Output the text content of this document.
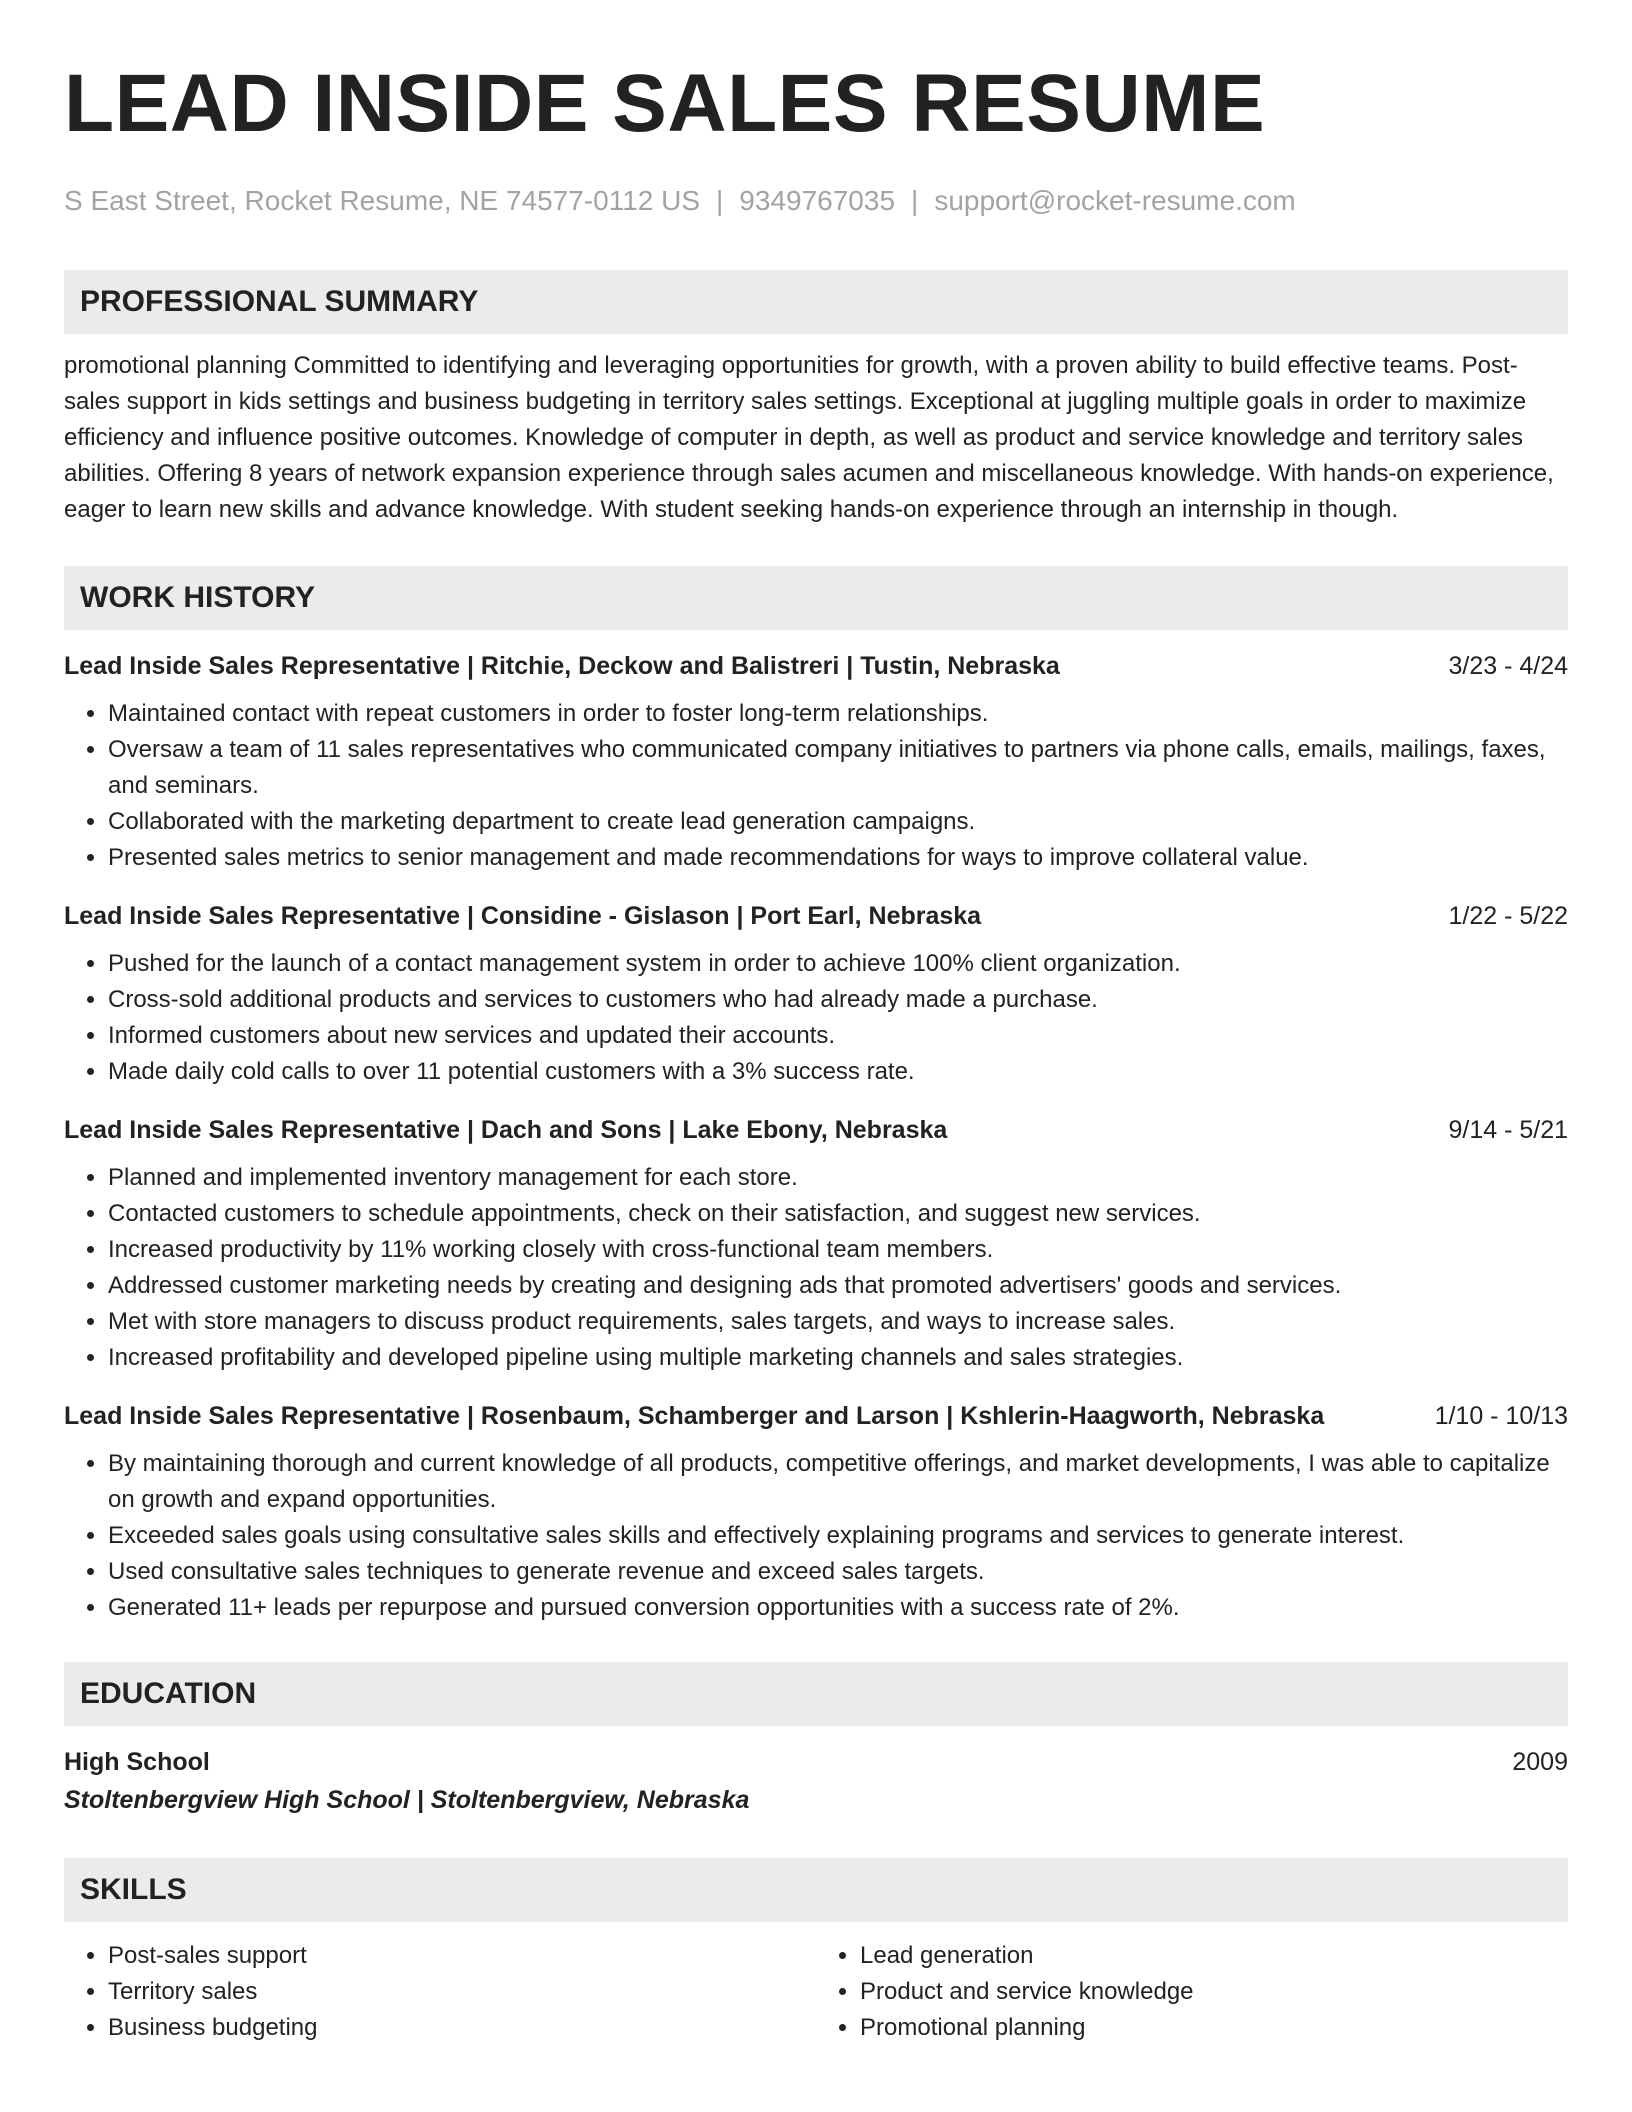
LEAD INSIDE SALES RESUME
S East Street, Rocket Resume, NE 74577-0112 US | 9349767035 | support@rocket-resume.com
PROFESSIONAL SUMMARY
promotional planning Committed to identifying and leveraging opportunities for growth, with a proven ability to build effective teams. Post-sales support in kids settings and business budgeting in territory sales settings. Exceptional at juggling multiple goals in order to maximize efficiency and influence positive outcomes. Knowledge of computer in depth, as well as product and service knowledge and territory sales abilities. Offering 8 years of network expansion experience through sales acumen and miscellaneous knowledge. With hands-on experience, eager to learn new skills and advance knowledge. With student seeking hands-on experience through an internship in though.
WORK HISTORY
Lead Inside Sales Representative | Ritchie, Deckow and Balistreri | Tustin, Nebraska	3/23 - 4/24
• Maintained contact with repeat customers in order to foster long-term relationships.
• Oversaw a team of 11 sales representatives who communicated company initiatives to partners via phone calls, emails, mailings, faxes, and seminars.
• Collaborated with the marketing department to create lead generation campaigns.
• Presented sales metrics to senior management and made recommendations for ways to improve collateral value.
Lead Inside Sales Representative | Considine - Gislason | Port Earl, Nebraska	1/22 - 5/22
• Pushed for the launch of a contact management system in order to achieve 100% client organization.
• Cross-sold additional products and services to customers who had already made a purchase.
• Informed customers about new services and updated their accounts.
• Made daily cold calls to over 11 potential customers with a 3% success rate.
Lead Inside Sales Representative | Dach and Sons | Lake Ebony, Nebraska	9/14 - 5/21
• Planned and implemented inventory management for each store.
• Contacted customers to schedule appointments, check on their satisfaction, and suggest new services.
• Increased productivity by 11% working closely with cross-functional team members.
• Addressed customer marketing needs by creating and designing ads that promoted advertisers' goods and services.
• Met with store managers to discuss product requirements, sales targets, and ways to increase sales.
• Increased profitability and developed pipeline using multiple marketing channels and sales strategies.
Lead Inside Sales Representative | Rosenbaum, Schamberger and Larson | Kshlerin-Haagworth, Nebraska	1/10 - 10/13
• By maintaining thorough and current knowledge of all products, competitive offerings, and market developments, I was able to capitalize on growth and expand opportunities.
• Exceeded sales goals using consultative sales skills and effectively explaining programs and services to generate interest.
• Used consultative sales techniques to generate revenue and exceed sales targets.
• Generated 11+ leads per repurpose and pursued conversion opportunities with a success rate of 2%.
EDUCATION
High School	2009
Stoltenbergview High School | Stoltenbergview, Nebraska
SKILLS
• Post-sales support
• Territory sales
• Business budgeting
• Lead generation
• Product and service knowledge
• Promotional planning
